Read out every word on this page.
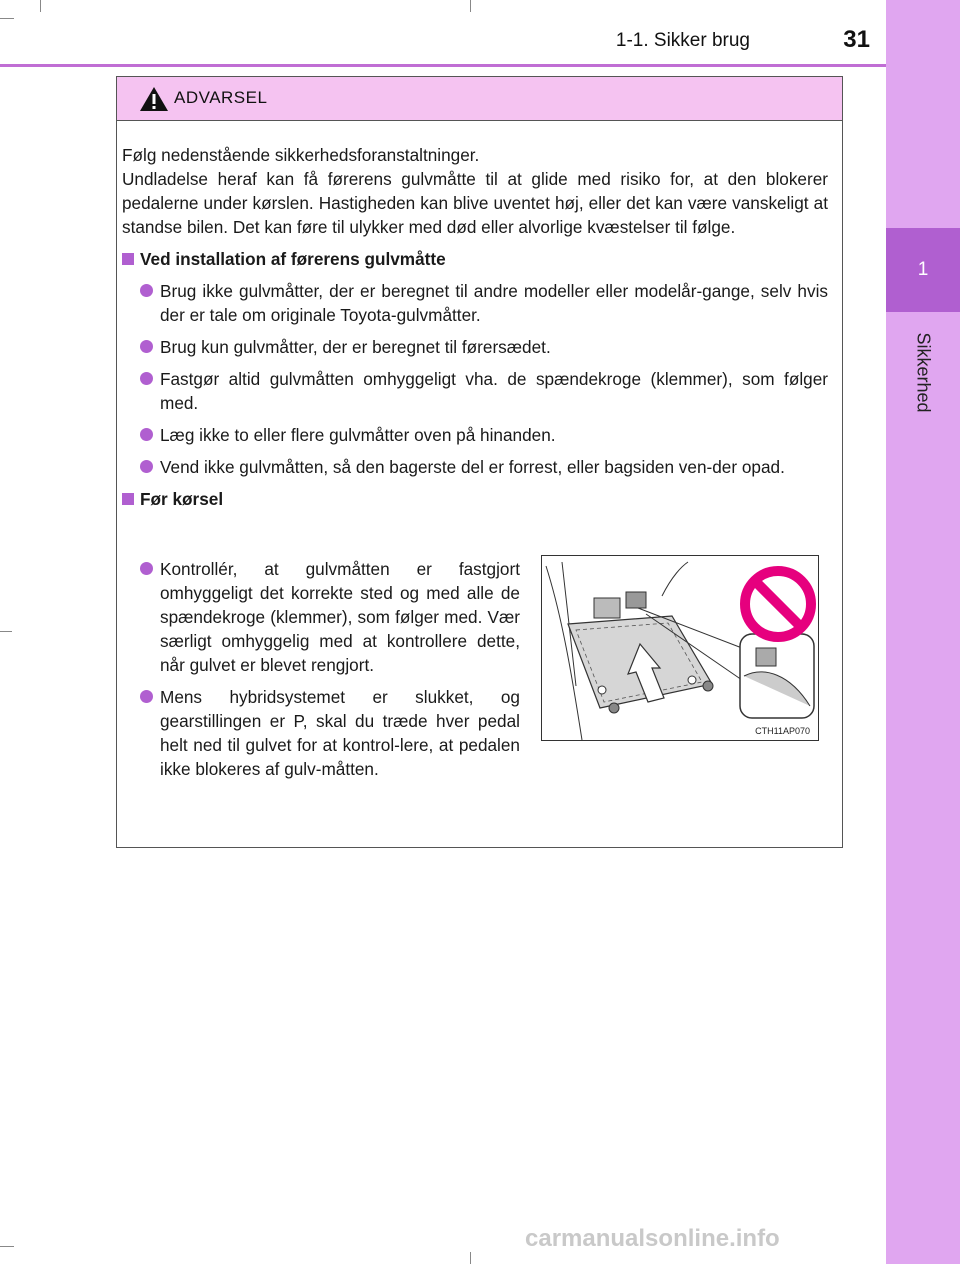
1-1. Sikker brug	31
1
Sikkerhed
ADVARSEL

Følg nedenstående sikkerhedsforanstaltninger.

Undladelse heraf kan få førerens gulvmåtte til at glide med risiko for, at den blokerer pedalerne under kørslen. Hastigheden kan blive uventet høj, eller det kan være vanskeligt at standse bilen. Det kan føre til ulykker med død eller alvorlige kvæstelser til følge.

Ved installation af førerens gulvmåtte
Brug ikke gulvmåtter, der er beregnet til andre modeller eller modelår-gange, selv hvis der er tale om originale Toyota-gulvmåtter.
Brug kun gulvmåtter, der er beregnet til førersædet.
Fastgør altid gulvmåtten omhyggeligt vha. de spændekroge (klemmer), som følger med.
Læg ikke to eller flere gulvmåtter oven på hinanden.
Vend ikke gulvmåtten, så den bagerste del er forrest, eller bagsiden ven-der opad.
Før kørsel
Kontrollér, at gulvmåtten er fastgjort omhyggeligt det korrekte sted og med alle de spændekroge (klemmer), som følger med. Vær særligt omhyggelig med at kontrollere dette, når gulvet er blevet rengjort.
Mens hybridsystemet er slukket, og gearstillingen er P, skal du træde hver pedal helt ned til gulvet for at kontrol-lere, at pedalen ikke blokeres af gulv-måtten.
CTH11AP070
carmanualsonline.info
